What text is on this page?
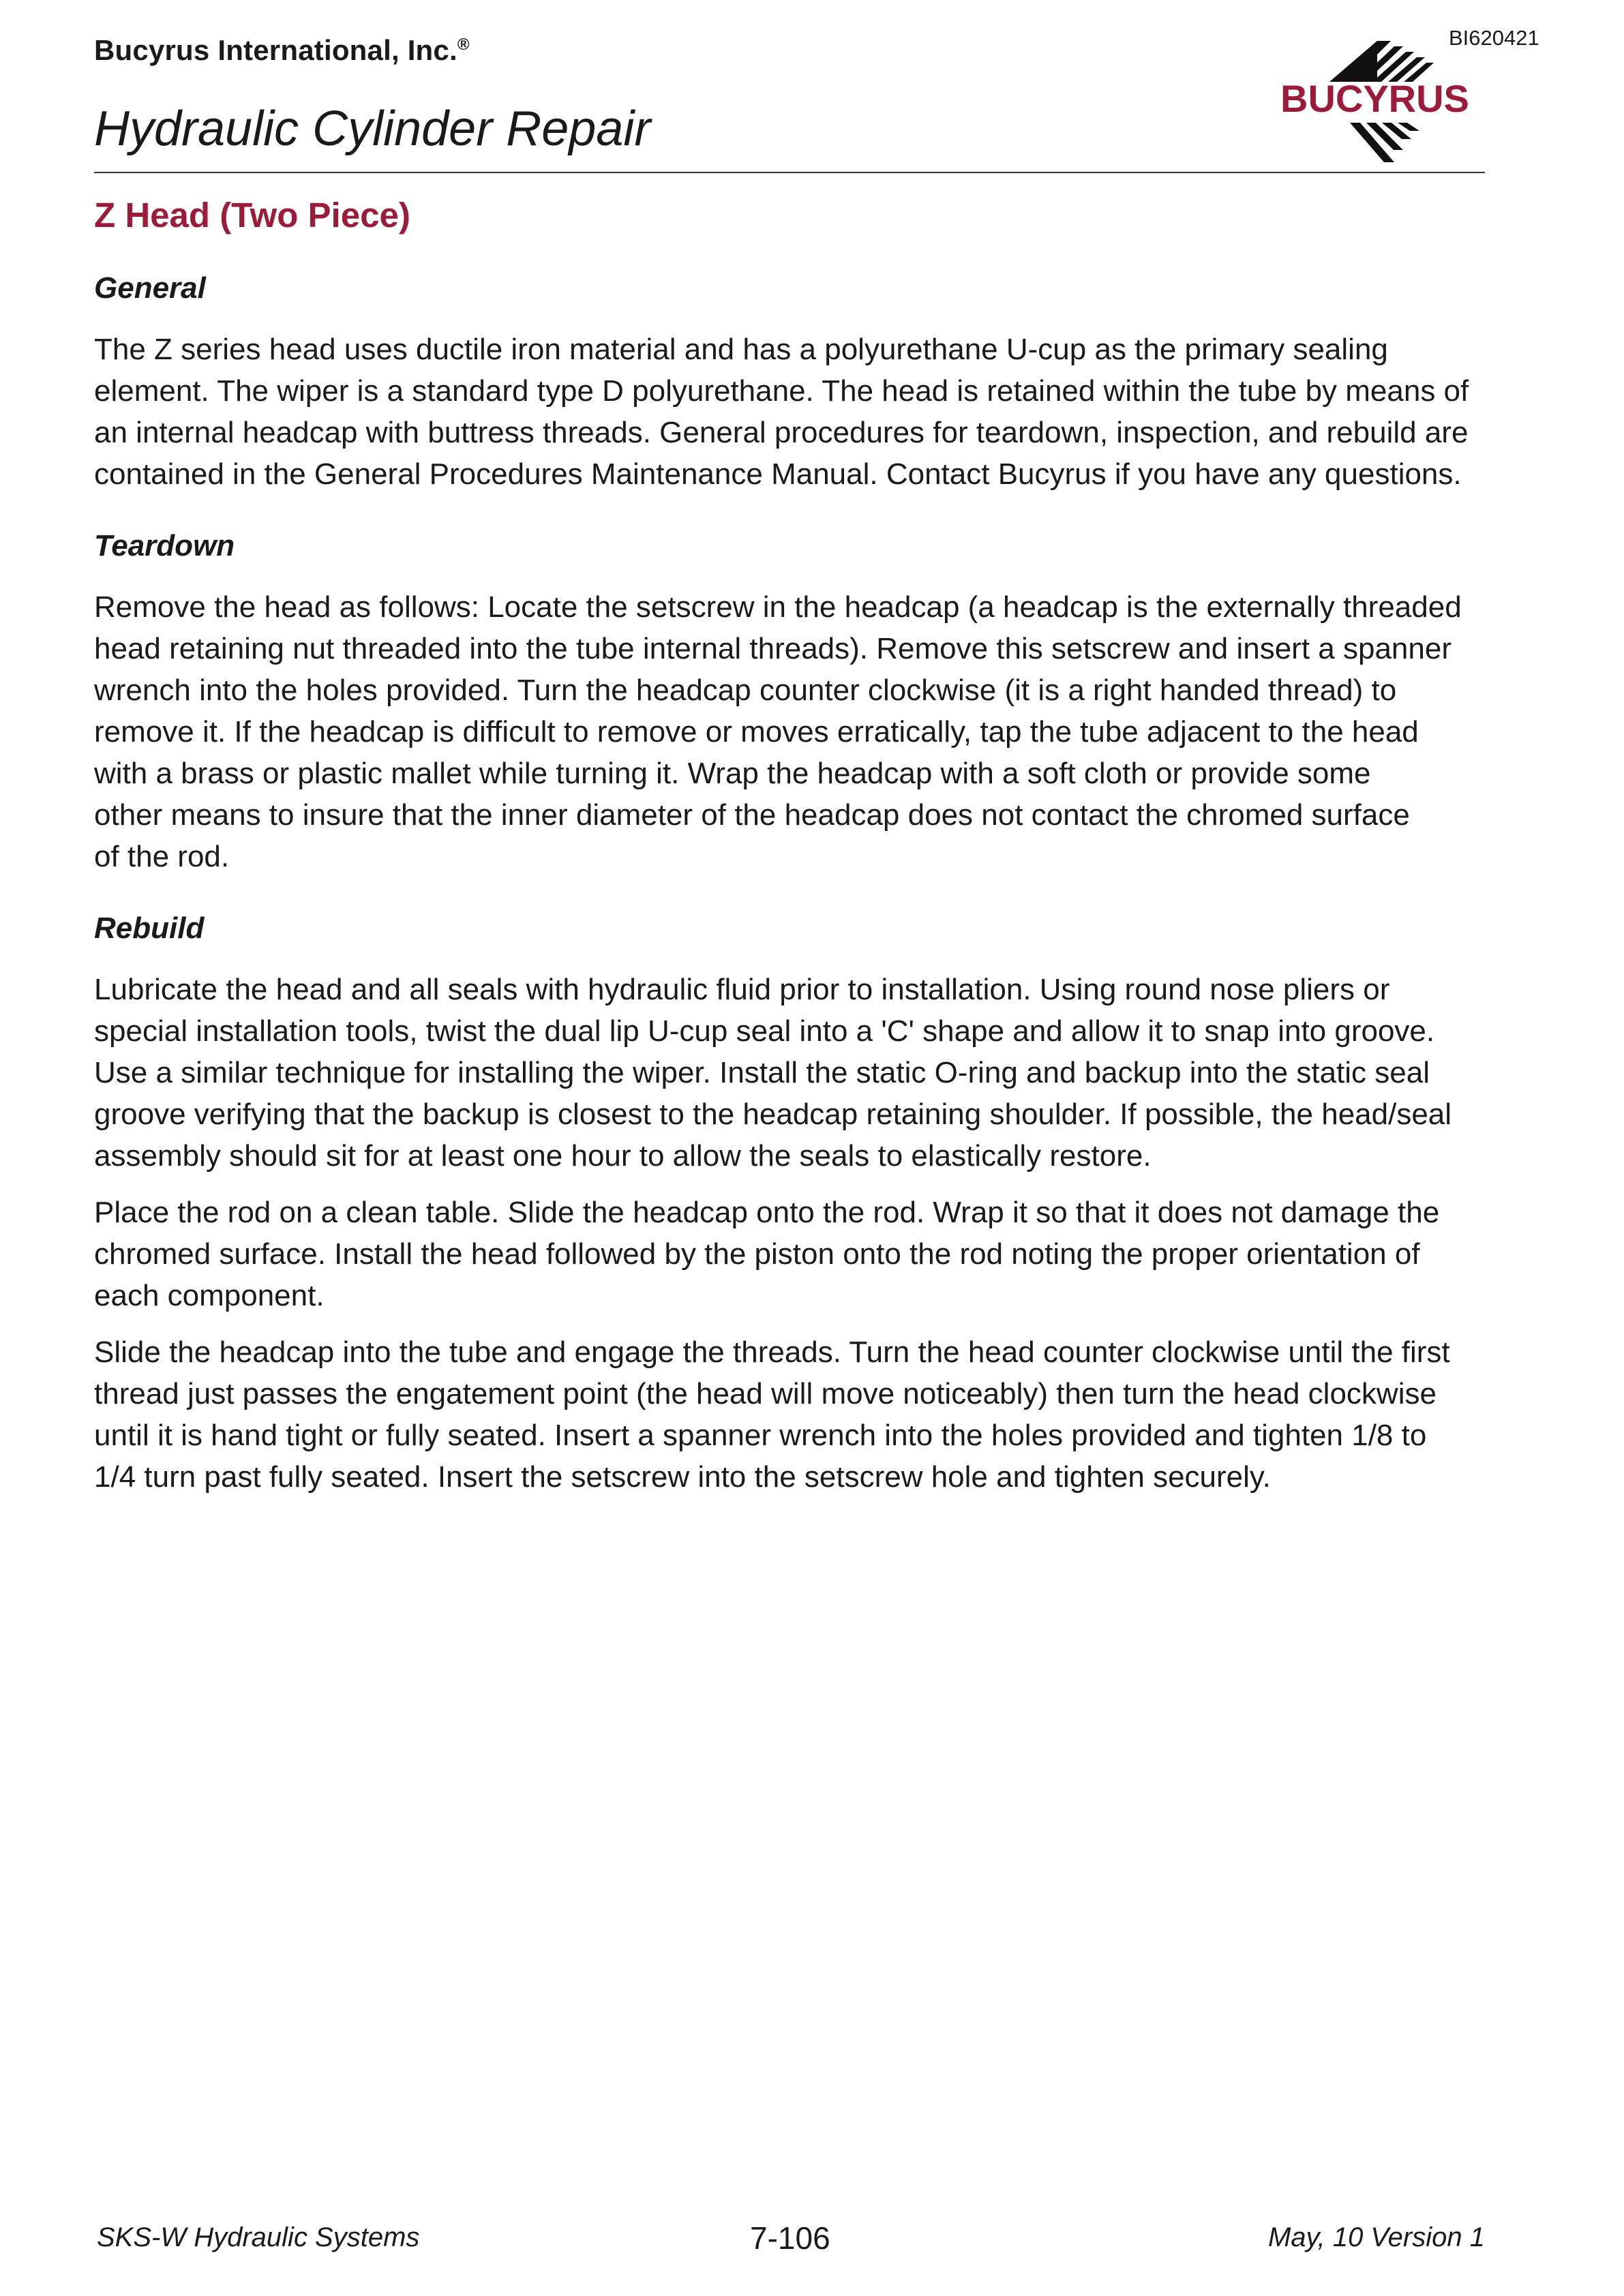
Bucyrus International, Inc.®	BI620421
BUCYRUS
Hydraulic Cylinder Repair
Z Head (Two Piece)
General

The Z series head uses ductile iron material and has a polyurethane U-cup as the primary sealing
element. The wiper is a standard type D polyurethane. The head is retained within the tube by means of
an internal headcap with buttress threads. General procedures for teardown, inspection, and rebuild are
contained in the General Procedures Maintenance Manual. Contact Bucyrus if you have any questions.

Teardown

Remove the head as follows: Locate the setscrew in the headcap (a headcap is the externally threaded
head retaining nut threaded into the tube internal threads). Remove this setscrew and insert a spanner
wrench into the holes provided. Turn the headcap counter clockwise (it is a right handed thread) to
remove it. If the headcap is difficult to remove or moves erratically, tap the tube adjacent to the head
with a brass or plastic mallet while turning it. Wrap the headcap with a soft cloth or provide some
other means to insure that the inner diameter of the headcap does not contact the chromed surface
of the rod.

Rebuild

Lubricate the head and all seals with hydraulic fluid prior to installation. Using round nose pliers or
special installation tools, twist the dual lip U-cup seal into a 'C' shape and allow it to snap into groove.
Use a similar technique for installing the wiper. Install the static O-ring and backup into the static seal
groove verifying that the backup is closest to the headcap retaining shoulder. If possible, the head/seal
assembly should sit for at least one hour to allow the seals to elastically restore.

Place the rod on a clean table. Slide the headcap onto the rod. Wrap it so that it does not damage the
chromed surface. Install the head followed by the piston onto the rod noting the proper orientation of
each component.

Slide the headcap into the tube and engage the threads. Turn the head counter clockwise until the first
thread just passes the engatement point (the head will move noticeably) then turn the head clockwise
until it is hand tight or fully seated. Insert a spanner wrench into the holes provided and tighten 1/8 to
1/4 turn past fully seated. Insert the setscrew into the setscrew hole and tighten securely.

SKS-W Hydraulic Systems	7-106	May, 10 Version 1
